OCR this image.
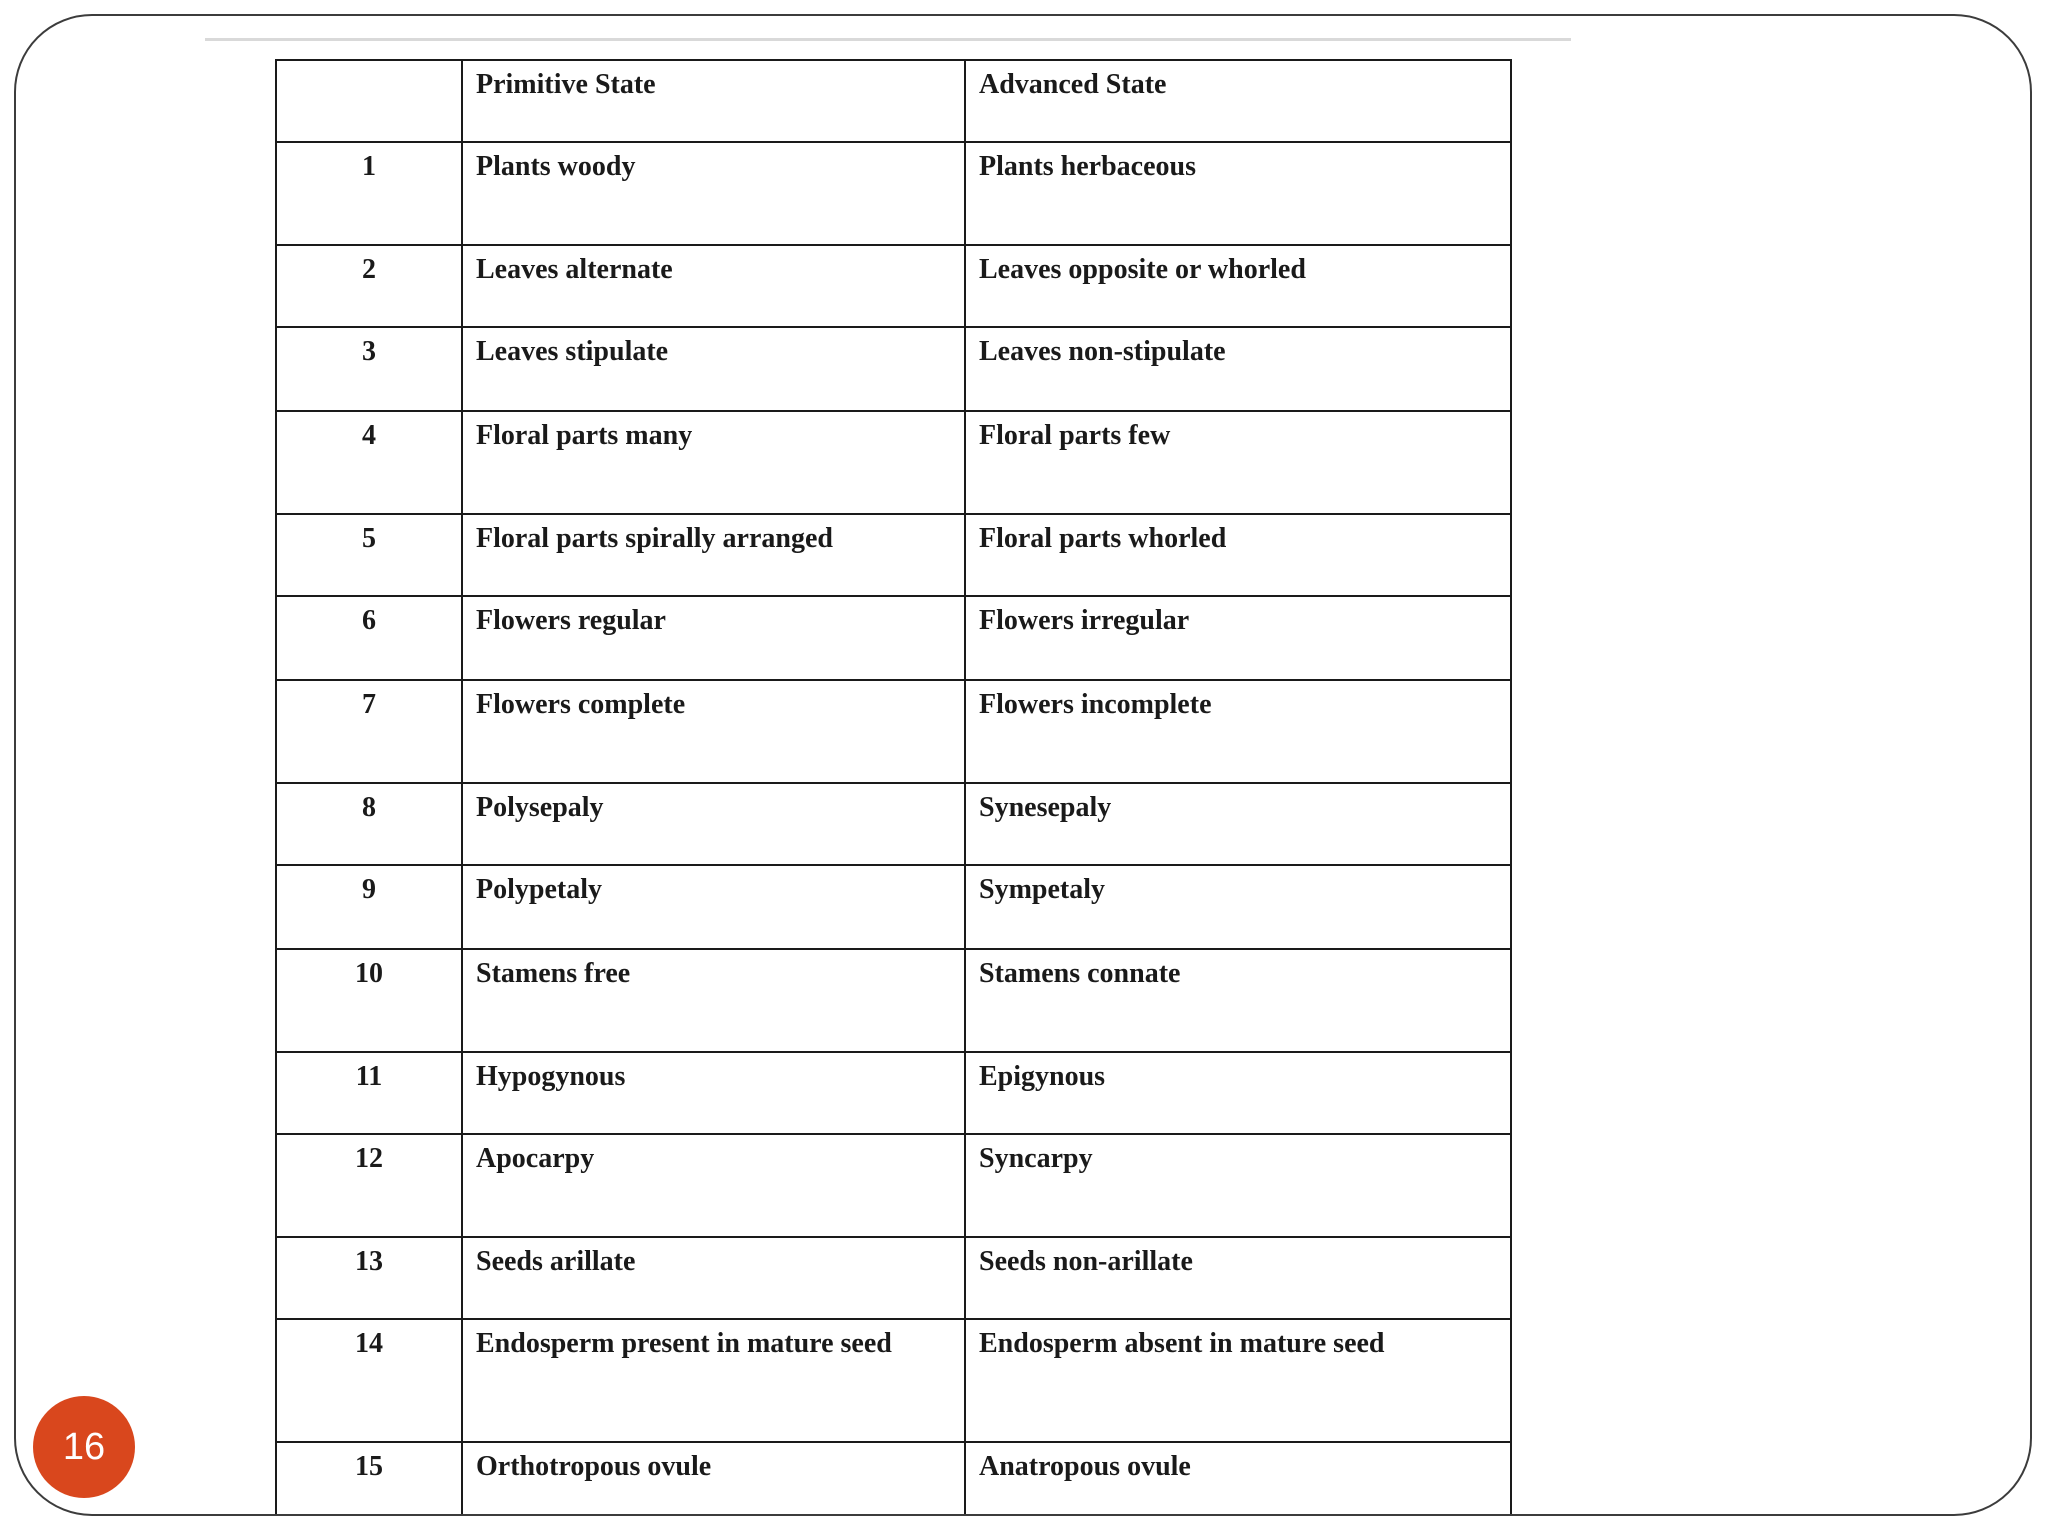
	Primitive State	Advanced State
1	Plants woody	Plants herbaceous
2	Leaves alternate	Leaves opposite or whorled
3	Leaves stipulate	Leaves non-stipulate
4	Floral parts many	Floral parts few
5	Floral parts spirally arranged	Floral parts whorled
6	Flowers regular	Flowers irregular
7	Flowers complete	Flowers incomplete
8	Polysepaly	Synesepaly
9	Polypetaly	Sympetaly
10	Stamens free	Stamens connate
11	Hypogynous	Epigynous
12	Apocarpy	Syncarpy
13	Seeds arillate	Seeds non-arillate
14	Endosperm present in mature seed	Endosperm absent in mature seed
15	Orthotropous ovule	Anatropous ovule
16
